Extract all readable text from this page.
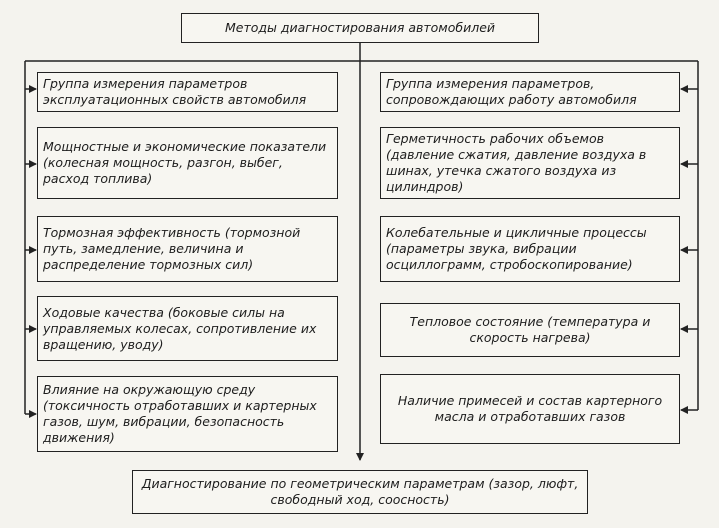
Методы диагностирования автомобилей
Группа измерения параметров эксплуатационных свойств автомобиля
Мощностные и экономические показатели (колесная мощность, разгон, выбег, расход топлива)
Тормозная эффективность (тормозной путь, замедление, величина и распределение тормозных сил)
Ходовые качества (боковые силы на управляемых колесах, сопротивление их вращению, уводу)
Влияние на окружающую среду (токсичность отработавших и картерных газов, шум, вибрации, безопасность движения)
Группа измерения параметров, сопровождающих работу автомобиля
Герметичность рабочих объемов (давление сжатия, давление воздуха в шинах, утечка сжатого воздуха из цилиндров)
Колебательные и цикличные процессы (параметры звука, вибрации осциллограмм, стробоскопирование)
Тепловое состояние (температура и скорость нагрева)
Наличие примесей и состав картерного масла и отработавших газов
Диагностирование по геометрическим параметрам (зазор, люфт, свободный ход, соосность)
